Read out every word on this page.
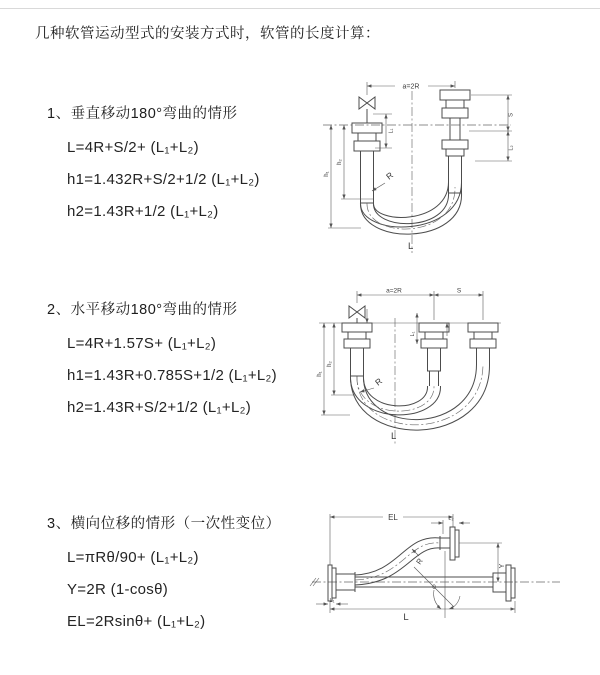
几种软管运动型式的安装方式时，软管的长度计算：
1、垂直移动180°弯曲的情形
L=4R+S/2+ (L₁+L₂)
h1=1.432R+S/2+1/2 (L₁+L₂)
h2=1.43R+1/2 (L₁+L₂)
2、水平移动180°弯曲的情形
L=4R+1.57S+ (L₁+L₂)
h1=1.43R+0.785S+1/2 (L₁+L₂)
h2=1.43R+S/2+1/2 (L₁+L₂)
3、横向位移的情形（一次性变位）
L=πRθ/90+ (L₁+L₂)
Y=2R (1-cosθ)
EL=2Rsinθ+ (L₁+L₂)
a=2R
h₁
h₂
L₁
S
L₂
R
L
a=2R	S
h₁
h₂
L₁
R
L
EL	L₂
θ
R	Y
L
L₁
